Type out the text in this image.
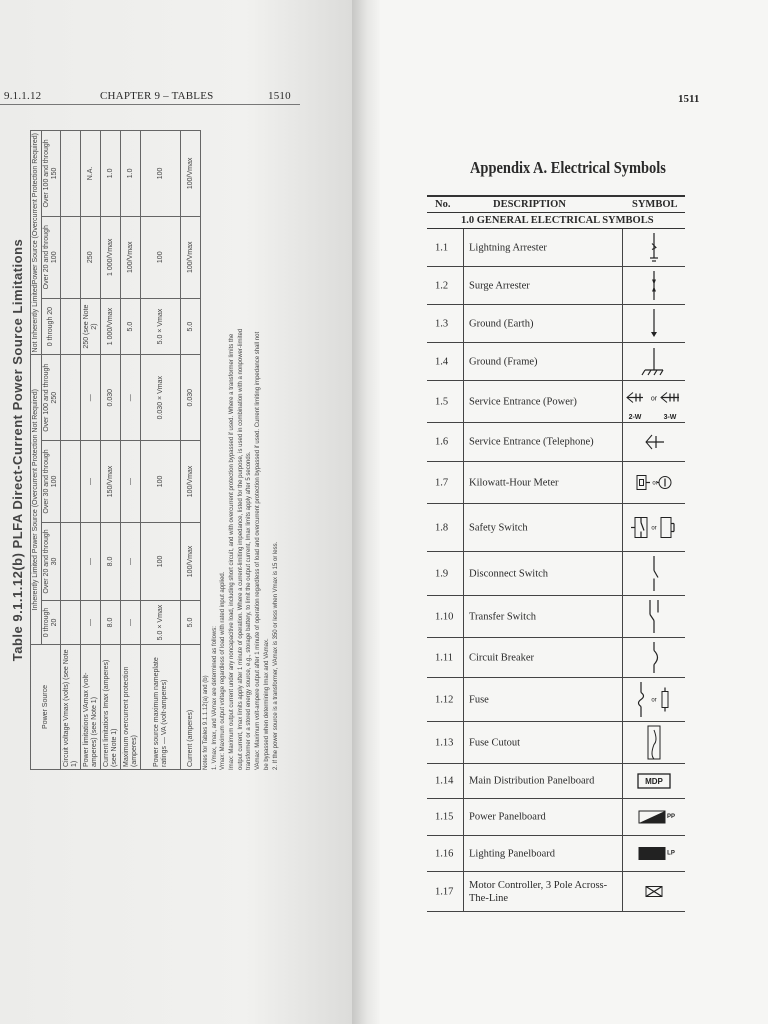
9.1.1.12	CHAPTER 9 – TABLES	1510
Table 9.1.1.12(b) PLFA Direct-Current Power Source Limitations
Power Source	Inherently Limited Power Source (Overcurrent Protection Not Required)				Not Inherently LimitedPower Source (Overcurrent Protection Required)		
	0 through 20	Over 20 and through 30	Over 30 and through 100	Over 100 and through 250	0 through 20	Over 20 and through 100	Over 100 and through 150
Circuit voltage Vmax (volts) (see Note 1)							
Power limitations VAmax (volt-amperes) (see Note 1)	—	—	—	—	250 (see Note 2)	250	N.A.
Current limitations Imax (amperes) (see Note 1)	8.0	8.0	150/Vmax	0.030	1 000/Vmax	1 000/Vmax	1.0
Maximum overcurrent protection (amperes)	—	—	—	—	5.0	100/Vmax	1.0
Power source maximum nameplate ratings — VA (volt-amperes)	5.0 × Vmax	100	100	0.030 × Vmax	5.0 × Vmax	100	100
Current (amperes)	5.0	100/Vmax	100/Vmax	0.030	5.0	100/Vmax	100/Vmax
Notes for Tables 9.1.1.12(a) and (b) 1. Vmax, Imax, and VAmax are determined as follows: Vmax: Maximum output voltage regardless of load with rated input applied. Imax: Maximum output current under any noncapacitive load, including short circuit, and with overcurrent protection bypassed if used. Where a transformer limits the output current, Imax limits apply after 1 minute of operation. Where a current-limiting impedance, listed for the purpose, is used in combination with a nonpower-limited transformer or a stored energy source, e.g., storage battery, to limit the output current, Imax limits apply after 5 seconds. VAmax: Maximum volt-ampere output after 1 minute of operation regardless of load and overcurrent protection bypassed if used. Current limiting impedance shall not be bypassed when determining Imax and VAmax. 2. If the power source is a transformer, VAmax is 350 or less when Vmax is 15 or less.
1511
Appendix A. Electrical Symbols
No.	DESCRIPTION	SYMBOL
1.0 GENERAL ELECTRICAL SYMBOLS
1.1 Lightning Arrester
1.2 Surge Arrester
1.3 Ground (Earth)
1.4 Ground (Frame)
1.5 Service Entrance (Power)	or
2-W	3-W
1.6 Service Entrance (Telephone)
1.7 Kilowatt-Hour Meter	or
1.8 Safety Switch	or
1.9 Disconnect Switch
1.10 Transfer Switch
1.11 Circuit Breaker
1.12 Fuse	or
1.13 Fuse Cutout
1.14 Main Distribution Panelboard	MDP
1.15 Power Panelboard	PP
1.16 Lighting Panelboard	LP
1.17
Motor Controller, 3 Pole Across-The-Line
